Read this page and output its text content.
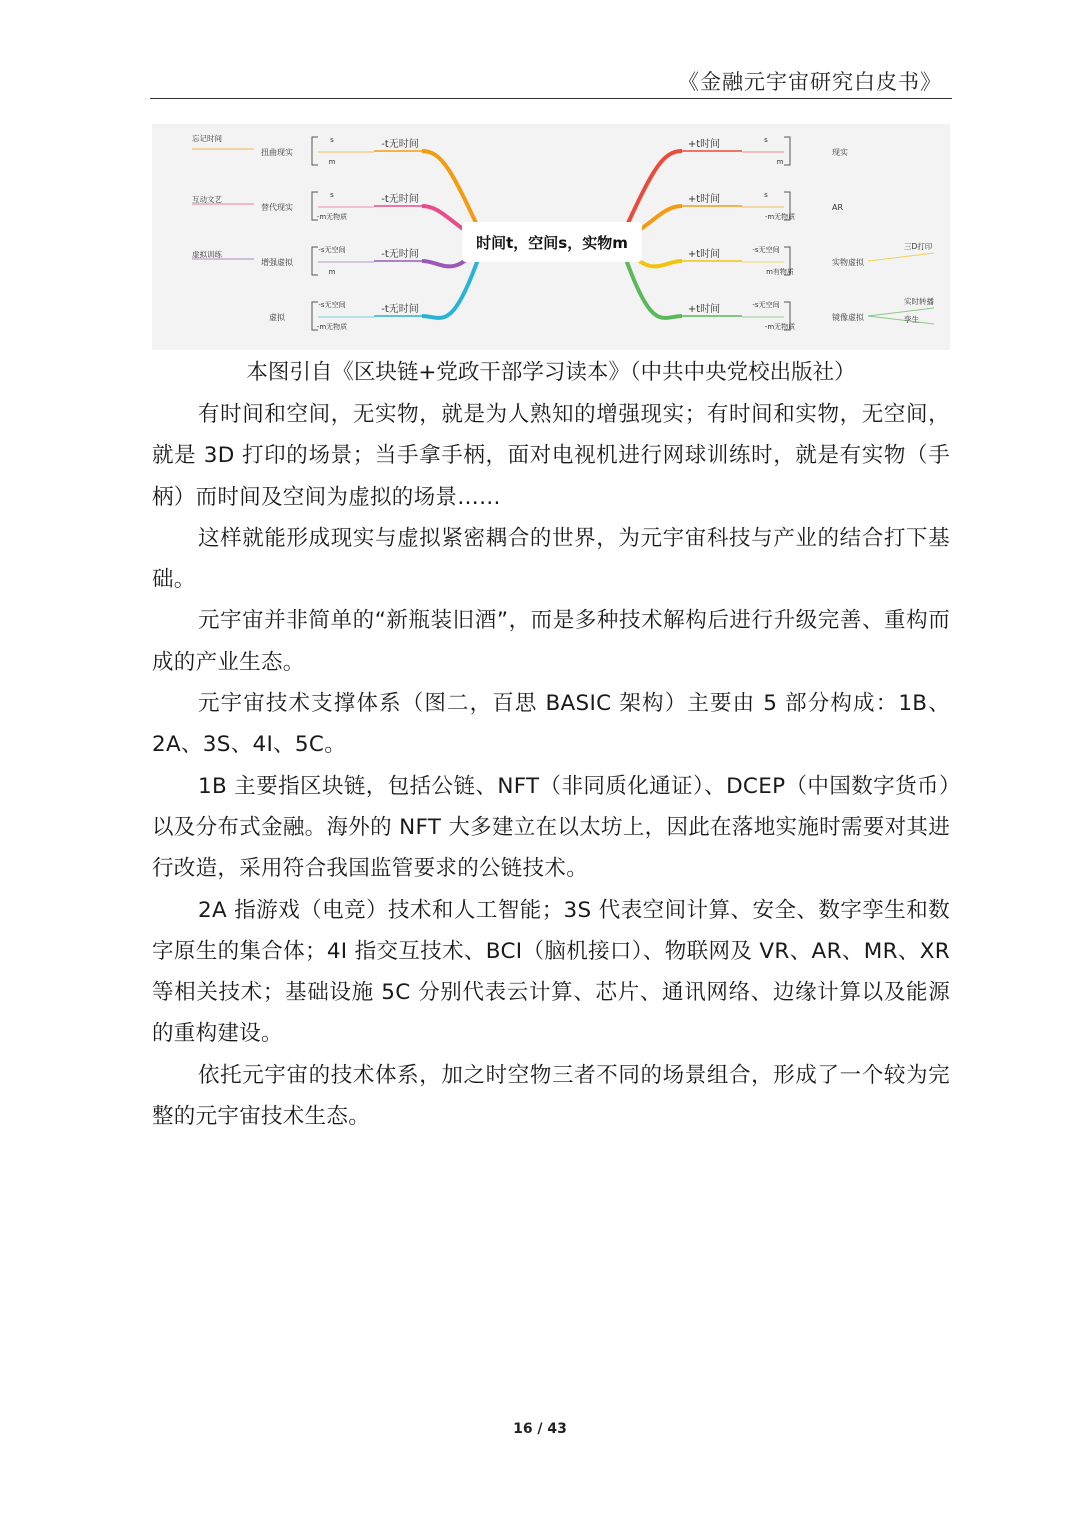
《金融元宇宙研究白皮书》
-t无时间
s
m
扭曲现实
忘记时间
-t无时间
s
-m无物质
替代现实
互动文艺
-t无时间
-s无空间
m
增强虚拟
虚拟训练
-t无时间
-s无空间
-m无物质
虚拟
+t时间	s
m
现实
+t时间	s
-m无物质
AR
+t时间	-s无空间
m有物质
实物虚拟
三D打印
+t时间	-s无空间
-m无物质
镜像虚拟
实时转播
孪生
时间t，空间s，实物m
本图引自《区块链+党政干部学习读本》（中共中央党校出版社）

有时间和空间，无实物，就是为人熟知的增强现实；有时间和实物，无空间，就是 3D 打印的场景；当手拿手柄，面对电视机进行网球训练时，就是有实物（手柄）而时间及空间为虚拟的场景……

这样就能形成现实与虚拟紧密耦合的世界，为元宇宙科技与产业的结合打下基础。

元宇宙并非简单的“新瓶装旧酒”，而是多种技术解构后进行升级完善、重构而成的产业生态。

元宇宙技术支撑体系（图二，百思 BASIC 架构）主要由 5 部分构成：1B、2A、3S、4I、5C。

1B 主要指区块链，包括公链、NFT（非同质化通证）、DCEP（中国数字货币）以及分布式金融。海外的 NFT 大多建立在以太坊上，因此在落地实施时需要对其进行改造，采用符合我国监管要求的公链技术。

2A 指游戏（电竞）技术和人工智能；3S 代表空间计算、安全、数字孪生和数字原生的集合体；4I 指交互技术、BCI（脑机接口）、物联网及 VR、AR、MR、XR 等相关技术；基础设施 5C 分别代表云计算、芯片、通讯网络、边缘计算以及能源的重构建设。

依托元宇宙的技术体系，加之时空物三者不同的场景组合，形成了一个较为完整的元宇宙技术生态。

16 / 43
